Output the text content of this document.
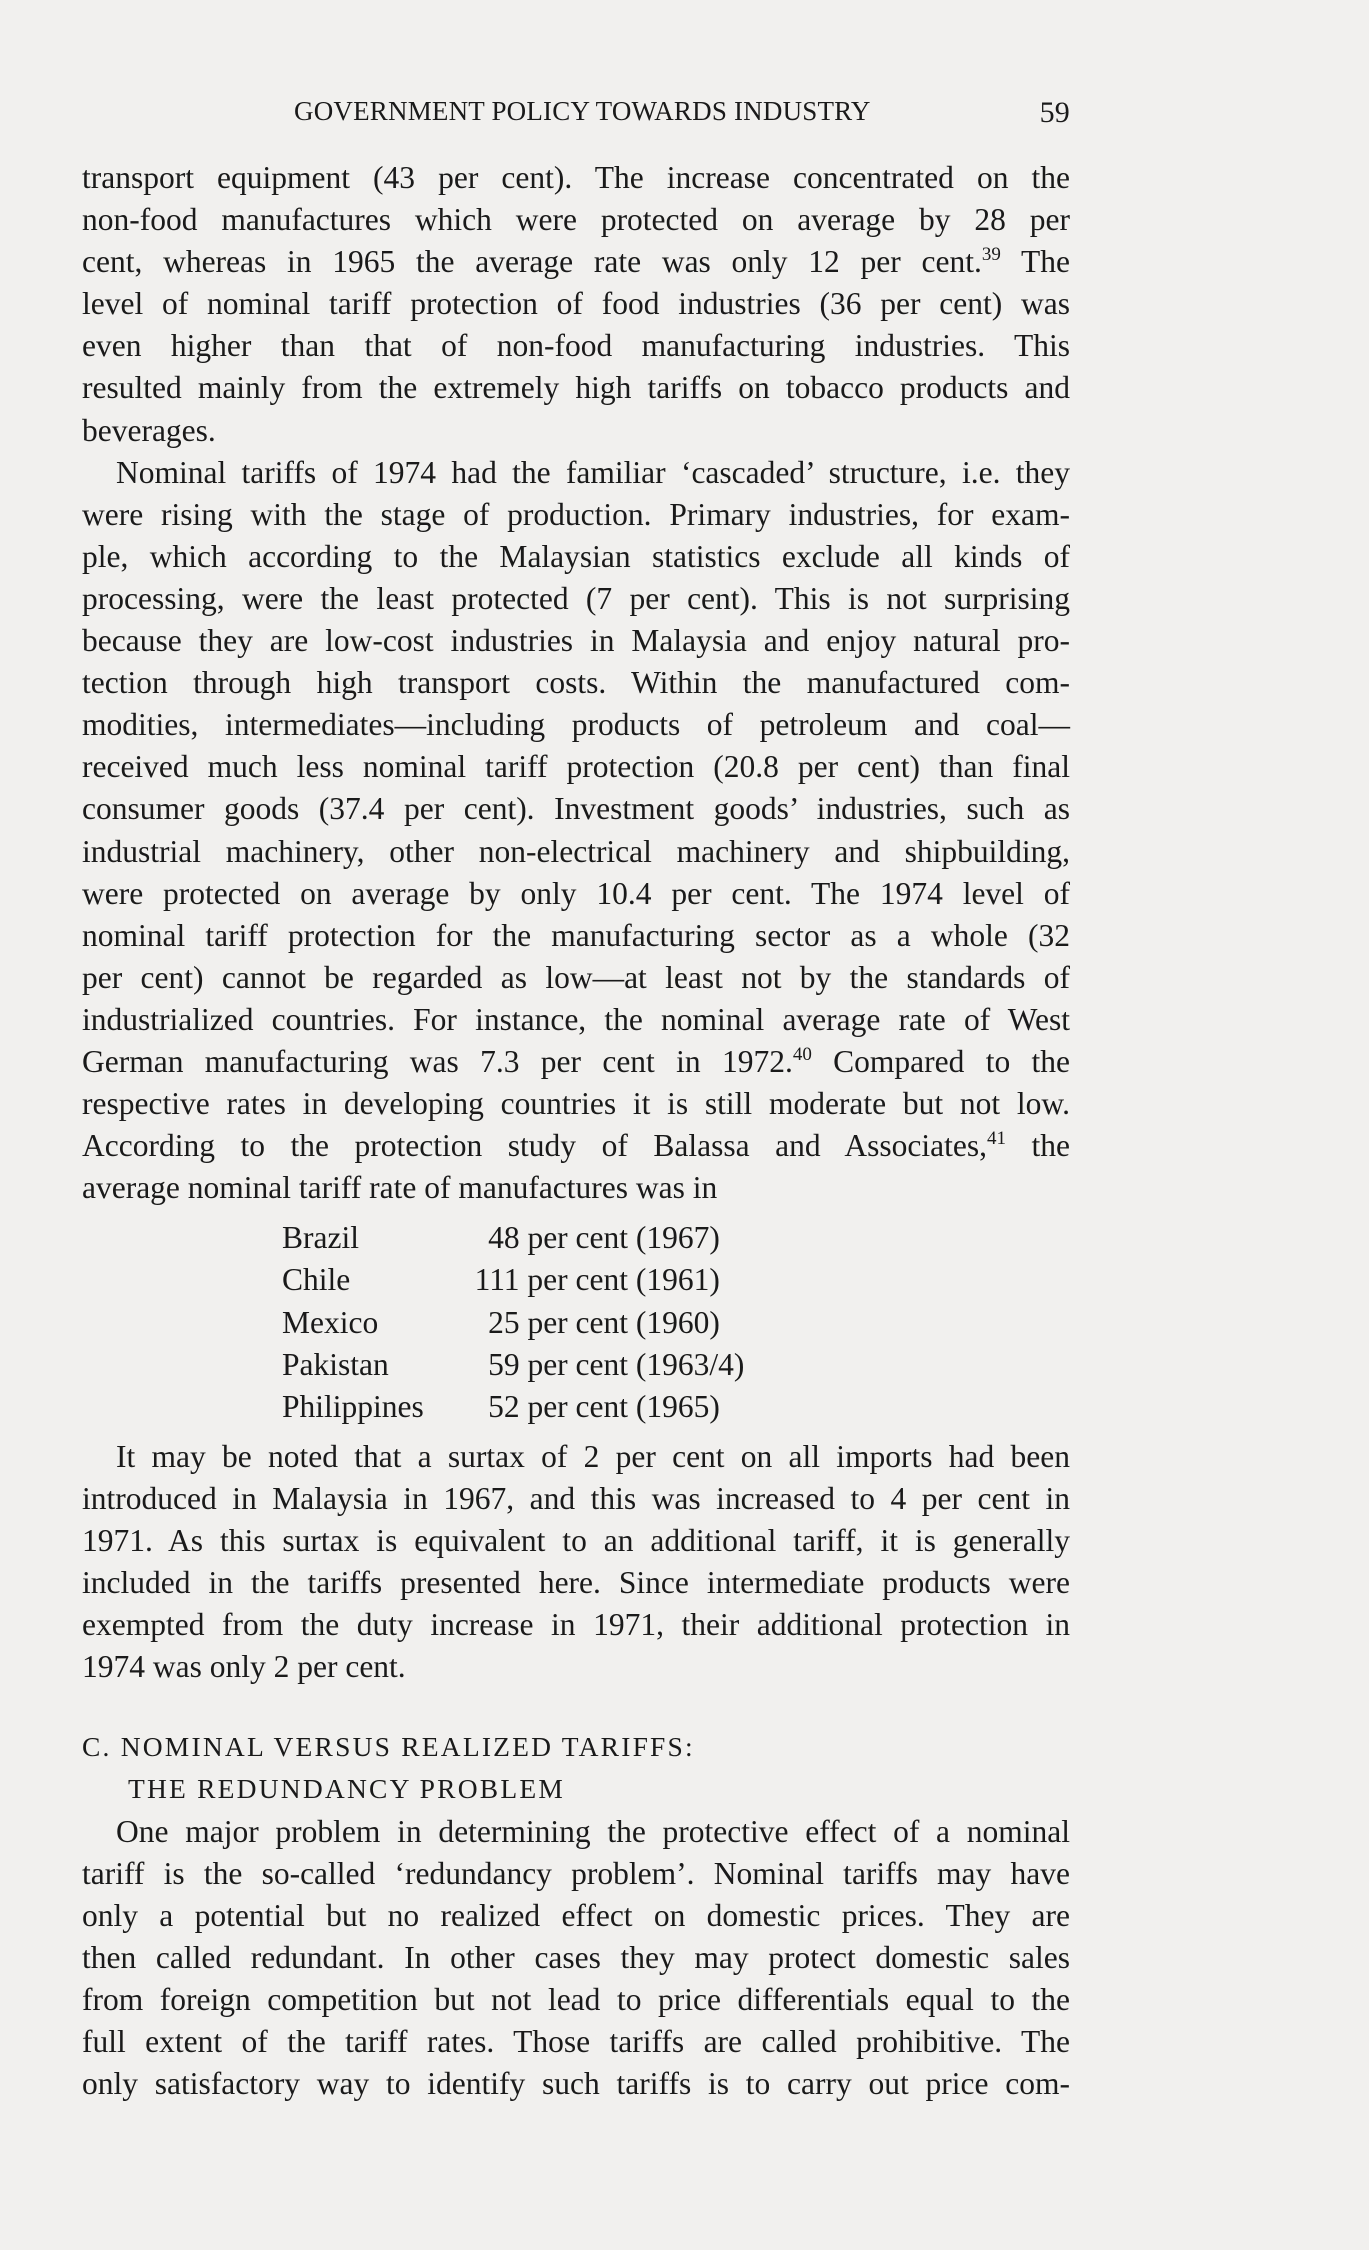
GOVERNMENT POLICY TOWARDS INDUSTRY	59
transport equipment (43 per cent). The increase concentrated on the
non-food manufactures which were protected on average by 28 per
cent, whereas in 1965 the average rate was only 12 per cent.$^{39}$ The
level of nominal tariff protection of food industries (36 per cent) was
even higher than that of non-food manufacturing industries. This
resulted mainly from the extremely high tariffs on tobacco products and
beverages.
Nominal tariffs of 1974 had the familiar ‘cascaded’ structure, i.e. they
were rising with the stage of production. Primary industries, for exam-
ple, which according to the Malaysian statistics exclude all kinds of
processing, were the least protected (7 per cent). This is not surprising
because they are low-cost industries in Malaysia and enjoy natural pro-
tection through high transport costs. Within the manufactured com-
modities, intermediates—including products of petroleum and coal—
received much less nominal tariff protection (20.8 per cent) than final
consumer goods (37.4 per cent). Investment goods’ industries, such as
industrial machinery, other non-electrical machinery and shipbuilding,
were protected on average by only 10.4 per cent. The 1974 level of
nominal tariff protection for the manufacturing sector as a whole (32
per cent) cannot be regarded as low—at least not by the standards of
industrialized countries. For instance, the nominal average rate of West
German manufacturing was 7.3 per cent in 1972.40 Compared to the
respective rates in developing countries it is still moderate but not low.
According to the protection study of Balassa and Associates,$^{41}$ the
average nominal tariff rate of manufactures was in
Brazil	48 per cent (1967)
Chile	111 per cent (1961)
Mexico	25 per cent (1960)
Pakistan	59 per cent (1963/4)
Philippines 52 per cent (1965)
It may be noted that a surtax of 2 per cent on all imports had been
introduced in Malaysia in 1967, and this was increased to 4 per cent in
1971. As this surtax is equivalent to an additional tariff, it is generally
included in the tariffs presented here. Since intermediate products were
exempted from the duty increase in 1971, their additional protection in
1974 was only 2 per cent.
C. NOMINAL VERSUS REALIZED TARIFFS:
THE REDUNDANCY PROBLEM
One major problem in determining the protective effect of a nominal
tariff is the so-called ‘redundancy problem’. Nominal tariffs may have
only a potential but no realized effect on domestic prices. They are
then called redundant. In other cases they may protect domestic sales
from foreign competition but not lead to price differentials equal to the
full extent of the tariff rates. Those tariffs are called prohibitive. The
only satisfactory way to identify such tariffs is to carry out price com-
